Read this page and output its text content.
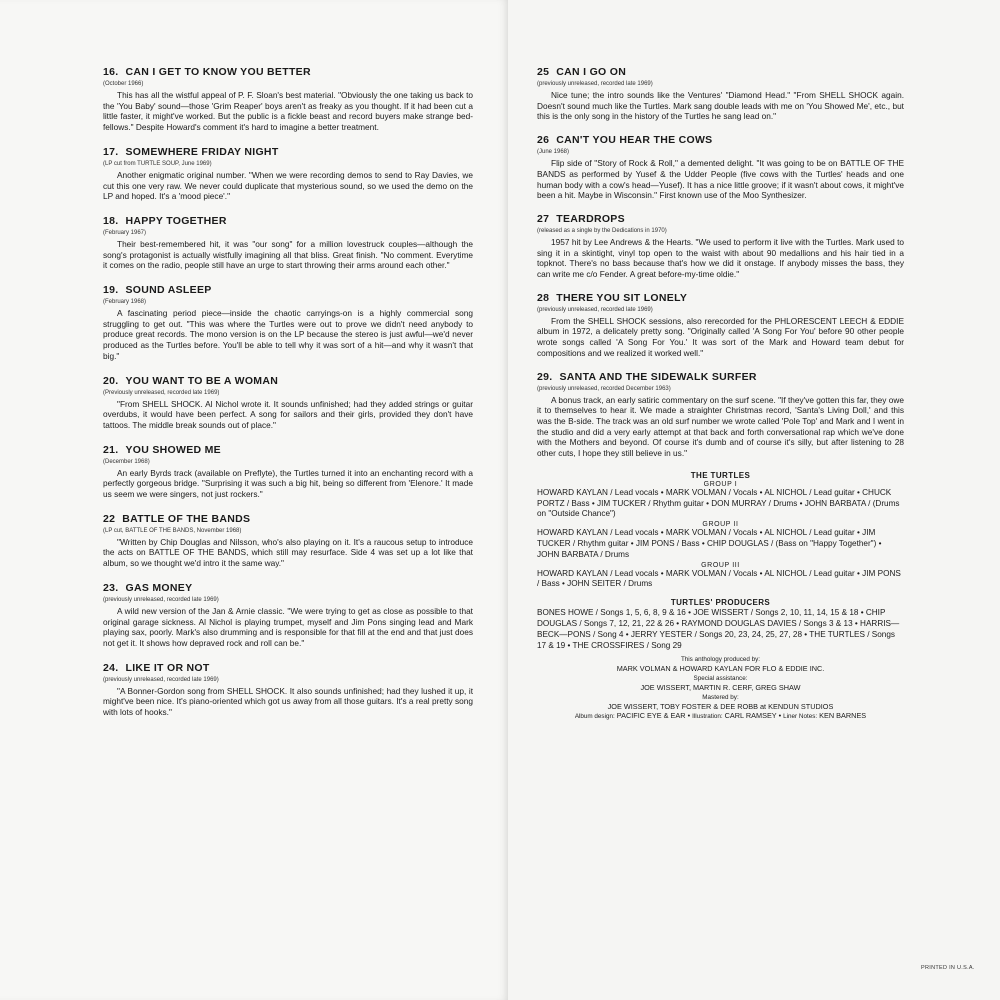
16. CAN I GET TO KNOW YOU BETTER

(October 1966)

This has all the wistful appeal of P. F. Sloan's best material. "Obviously the one taking us back to the 'You Baby' sound—those 'Grim Reaper' boys aren't as freaky as you thought. If it had been cut a little faster, it might've worked. But the public is a fickle beast and record buyers make strange bed-fellows." Despite Howard's comment it's hard to imagine a better treatment.

17. SOMEWHERE FRIDAY NIGHT

(LP cut from TURTLE SOUP, June 1969)

Another enigmatic original number. "When we were recording demos to send to Ray Davies, we cut this one very raw. We never could duplicate that mysterious sound, so we used the demo on the LP and hoped. It's a 'mood piece'."

18. HAPPY TOGETHER

(February 1967)

Their best-remembered hit, it was "our song" for a million lovestruck couples—although the song's protagonist is actually wistfully imagining all that bliss. Great finish. "No comment. Everytime it comes on the radio, people still have an urge to start throwing their arms around each other."

19. SOUND ASLEEP

(February 1968)

A fascinating period piece—inside the chaotic carryings-on is a highly commercial song struggling to get out. "This was where the Turtles were out to prove we didn't need anybody to produce great records. The mono version is on the LP because the stereo is just awful—we'd never produced as the Turtles before. You'll be able to tell why it was sort of a hit—and why it wasn't that big."

20. YOU WANT TO BE A WOMAN

(Previously unreleased, recorded late 1969)

"From SHELL SHOCK. Al Nichol wrote it. It sounds unfinished; had they added strings or guitar overdubs, it would have been perfect. A song for sailors and their girls, provided they don't have tattoos. The middle break sounds out of place."

21. YOU SHOWED ME

(December 1968)

An early Byrds track (available on Preflyte), the Turtles turned it into an enchanting record with a perfectly gorgeous bridge. "Surprising it was such a big hit, being so different from 'Elenore.' It made us seem we were singers, not just rockers."

22 BATTLE OF THE BANDS

(LP cut, BATTLE OF THE BANDS, November 1968)

"Written by Chip Douglas and Nilsson, who's also playing on it. It's a raucous setup to introduce the acts on BATTLE OF THE BANDS, which still may resurface. Side 4 was set up a lot like that album, so we thought we'd intro it the same way."

23. GAS MONEY

(previously unreleased, recorded late 1969)

A wild new version of the Jan & Arnie classic. "We were trying to get as close as possible to that original garage sickness. Al Nichol is playing trumpet, myself and Jim Pons singing lead and Mark playing sax, poorly. Mark's also drumming and is responsible for that fill at the end and that just does not get it. It shows how depraved rock and roll can be."

24. LIKE IT OR NOT

(previously unreleased, recorded late 1969)

"A Bonner-Gordon song from SHELL SHOCK. It also sounds unfinished; had they lushed it up, it might've been nice. It's piano-oriented which got us away from all those guitars. It's a real pretty song with lots of hooks."

25 CAN I GO ON

(previously unreleased, recorded late 1969)

Nice tune; the intro sounds like the Ventures' "Diamond Head." "From SHELL SHOCK again. Doesn't sound much like the Turtles. Mark sang double leads with me on 'You Showed Me', etc., but this is the only song in the history of the Turtles he sang lead on."

26 CAN'T YOU HEAR THE COWS

(June 1968)

Flip side of "Story of Rock & Roll," a demented delight. "It was going to be on BATTLE OF THE BANDS as performed by Yusef & the Udder People (five cows with the Turtles' heads and one human body with a cow's head—Yusef). It has a nice little groove; if it wasn't about cows, it might've been a hit. Maybe in Wisconsin." First known use of the Moo Synthesizer.

27 TEARDROPS

(released as a single by the Dedications in 1970)

1957 hit by Lee Andrews & the Hearts. "We used to perform it live with the Turtles. Mark used to sing it in a skintight, vinyl top open to the waist with about 90 medallions and his hair tied in a topknot. There's no bass because that's how we did it onstage. If anybody misses the bass, they can write me c/o Fender. A great before-my-time oldie."

28 THERE YOU SIT LONELY

(previously unreleased, recorded late 1969)

From the SHELL SHOCK sessions, also rerecorded for the PHLORESCENT LEECH & EDDIE album in 1972, a delicately pretty song. "Originally called 'A Song For You' before 90 other people wrote songs called 'A Song For You.' It was sort of the Mark and Howard team debut for compositions and we realized it worked well."

29. SANTA AND THE SIDEWALK SURFER

(previously unreleased, recorded December 1963)

A bonus track, an early satiric commentary on the surf scene. "If they've gotten this far, they owe it to themselves to hear it. We made a straighter Christmas record, 'Santa's Living Doll,' and this was the B-side. The track was an old surf number we wrote called 'Pole Top' and Mark and I went in the studio and did a very early attempt at that back and forth conversational rap which we've done with the Mothers and beyond. Of course it's dumb and of course it's silly, but after listening to 28 other cuts, I hope they still believe in us."

THE TURTLES

GROUP I

HOWARD KAYLAN / Lead vocals • MARK VOLMAN / Vocals • AL NICHOL / Lead guitar • CHUCK PORTZ / Bass • JIM TUCKER / Rhythm guitar • DON MURRAY / Drums • JOHN BARBATA / (Drums on "Outside Chance")

GROUP II

HOWARD KAYLAN / Lead vocals • MARK VOLMAN / Vocals • AL NICHOL / Lead guitar • JIM TUCKER / Rhythm guitar • JIM PONS / Bass • CHIP DOUGLAS / (Bass on "Happy Together") • JOHN BARBATA / Drums

GROUP III

HOWARD KAYLAN / Lead vocals • MARK VOLMAN / Vocals • AL NICHOL / Lead guitar • JIM PONS / Bass • JOHN SEITER / Drums

TURTLES' PRODUCERS

BONES HOWE / Songs 1, 5, 6, 8, 9 & 16 • JOE WISSERT / Songs 2, 10, 11, 14, 15 & 18 • CHIP DOUGLAS / Songs 7, 12, 21, 22 & 26 • RAYMOND DOUGLAS DAVIES / Songs 3 & 13 • HARRIS—BECK—PONS / Song 4 • JERRY YESTER / Songs 20, 23, 24, 25, 27, 28 • THE TURTLES / Songs 17 & 19 • THE CROSSFIRES / Song 29

This anthology produced by:

MARK VOLMAN & HOWARD KAYLAN FOR FLO & EDDIE INC.

Special assistance:

JOE WISSERT, MARTIN R. CERF, GREG SHAW

Mastered by:

JOE WISSERT, TOBY FOSTER & DEE ROBB at KENDUN STUDIOS

Album design: PACIFIC EYE & EAR • Illustration: CARL RAMSEY • Liner Notes: KEN BARNES

PRINTED IN U.S.A.
